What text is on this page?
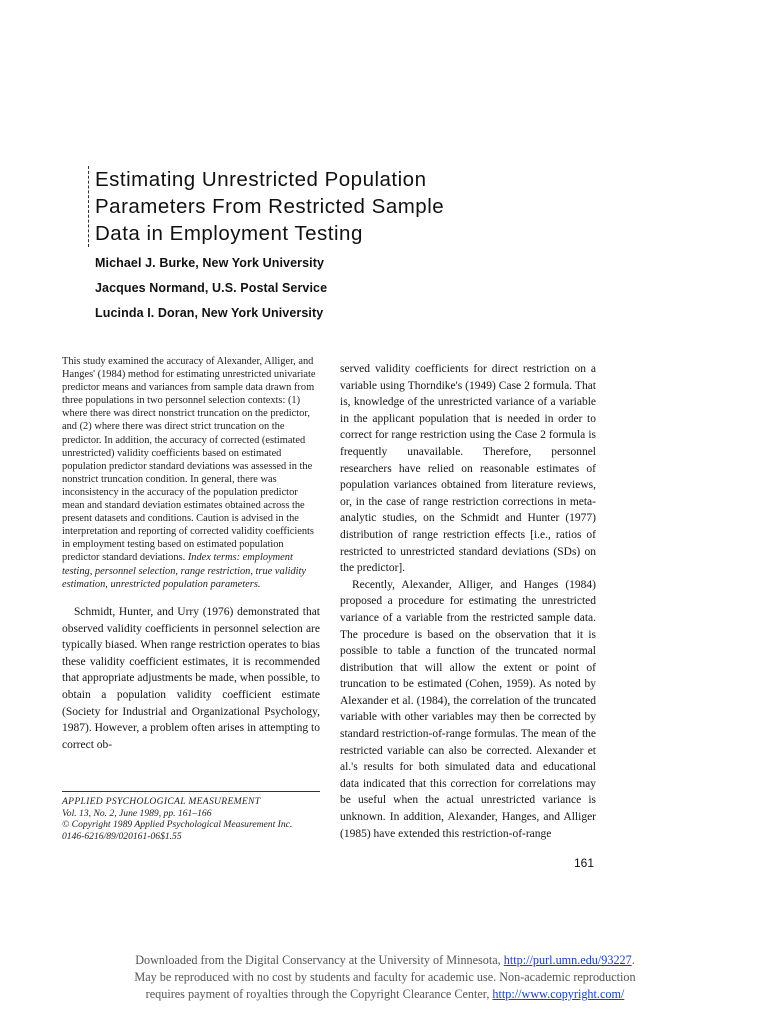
Estimating Unrestricted Population
Parameters From Restricted Sample
Data in Employment Testing
Michael J. Burke, New York University
Jacques Normand, U.S. Postal Service
Lucinda I. Doran, New York University

This study examined the accuracy of Alexander, Alliger, and Hanges' (1984) method for estimating unrestricted univariate predictor means and variances from sample data drawn from three populations in two personnel selection contexts: (1) where there was direct nonstrict truncation on the predictor, and (2) where there was direct strict truncation on the predictor. In addition, the accuracy of corrected (estimated unrestricted) validity coefficients based on estimated population predictor standard deviations was assessed in the nonstrict truncation condition. In general, there was inconsistency in the accuracy of the population predictor mean and standard deviation estimates obtained across the present datasets and conditions. Caution is advised in the interpretation and reporting of corrected validity coefficients in employment testing based on estimated population predictor standard deviations. Index terms: employment testing, personnel selection, range restriction, true validity estimation, unrestricted population parameters.

Schmidt, Hunter, and Urry (1976) demonstrated that observed validity coefficients in personnel selection are typically biased. When range restriction operates to bias these validity coefficient estimates, it is recommended that appropriate adjustments be made, when possible, to obtain a population validity coefficient estimate (Society for Industrial and Organizational Psychology, 1987). However, a problem often arises in attempting to correct ob-

APPLIED PSYCHOLOGICAL MEASUREMENT
Vol. 13, No. 2, June 1989, pp. 161–166
© Copyright 1989 Applied Psychological Measurement Inc.
0146-6216/89/020161-06$1.55

served validity coefficients for direct restriction on a variable using Thorndike's (1949) Case 2 formula. That is, knowledge of the unrestricted variance of a variable in the applicant population that is needed in order to correct for range restriction using the Case 2 formula is frequently unavailable. Therefore, personnel researchers have relied on reasonable estimates of population variances obtained from literature reviews, or, in the case of range restriction corrections in meta-analytic studies, on the Schmidt and Hunter (1977) distribution of range restriction effects [i.e., ratios of restricted to unrestricted standard deviations (SDs) on the predictor].

Recently, Alexander, Alliger, and Hanges (1984) proposed a procedure for estimating the unrestricted variance of a variable from the restricted sample data. The procedure is based on the observation that it is possible to table a function of the truncated normal distribution that will allow the extent or point of truncation to be estimated (Cohen, 1959). As noted by Alexander et al. (1984), the correlation of the truncated variable with other variables may then be corrected by standard restriction-of-range formulas. The mean of the restricted variable can also be corrected. Alexander et al.'s results for both simulated data and educational data indicated that this correction for correlations may be useful when the actual unrestricted variance is unknown. In addition, Alexander, Hanges, and Alliger (1985) have extended this restriction-of-range

161
Downloaded from the Digital Conservancy at the University of Minnesota, http://purl.umn.edu/93227.
May be reproduced with no cost by students and faculty for academic use. Non-academic reproduction
requires payment of royalties through the Copyright Clearance Center, http://www.copyright.com/
